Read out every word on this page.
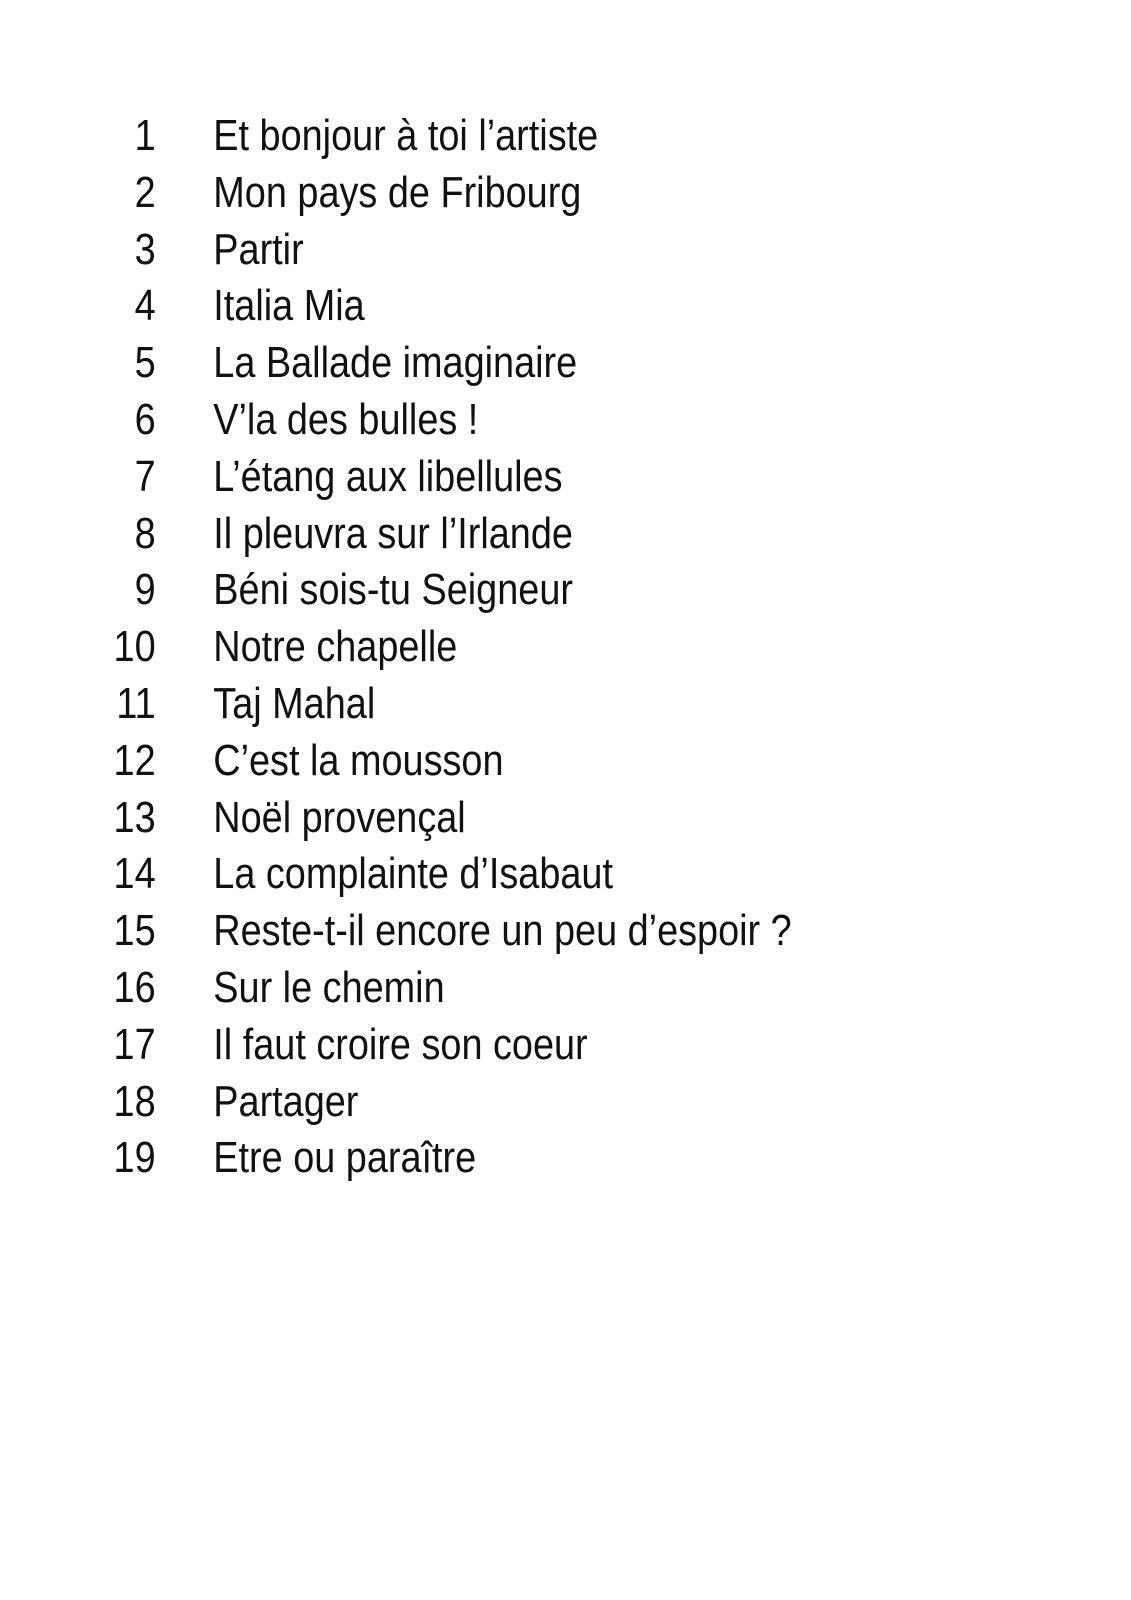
1 Et bonjour à toi l’artiste
2 Mon pays de Fribourg
3 Partir
4 Italia Mia
5 La Ballade imaginaire
6 V’la des bulles !
7 L’étang aux libellules
8 Il pleuvra sur l’Irlande
9 Béni sois-tu Seigneur
10 Notre chapelle
11 Taj Mahal
12 C’est la mousson
13 Noël provençal
14 La complainte d’Isabaut
15 Reste-t-il encore un peu d’espoir ?
16 Sur le chemin
17 Il faut croire son coeur
18 Partager
19 Etre ou paraître
